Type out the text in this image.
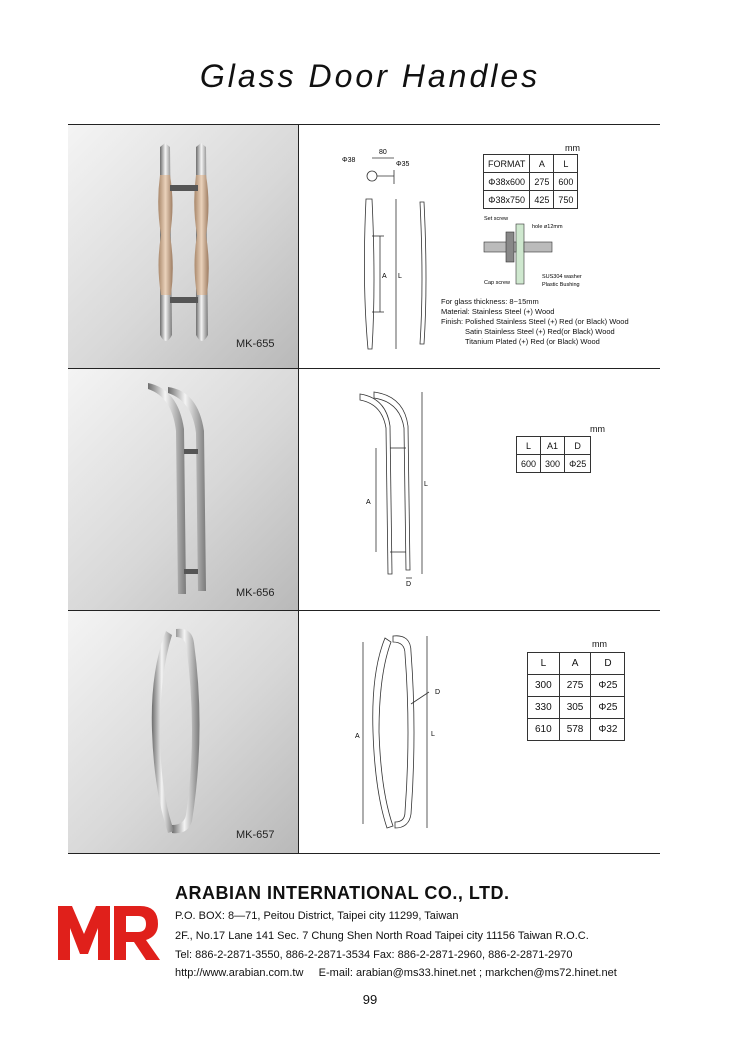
Glass Door Handles
MK-655
Φ38
80
Φ35
A L
mm
FORMAT	A	L
Φ38x600	275	600
Φ38x750	425	750
Set screw
hole ø12mm
Cap screw
SUS304 washer
Plastic Bushing
For glass thickness: 8~15mm
Material: Stainless Steel (+) Wood
Finish: Polished Stainless Steel (+) Red (or Black) Wood
Satin Stainless Steel (+) Red(or Black) Wood
Titanium Plated (+) Red (or Black) Wood
MK-656
A
L
D
mm
L	A1	D
600	300	Φ25
MK-657
A	L
D
mm
L	A	D
300	275	Φ25
330	305	Φ25
610	578	Φ32
MR
ARABIAN INTERNATIONAL CO., LTD.
P.O. BOX: 8—71, Peitou District, Taipei city 11299, Taiwan
2F., No.17 Lane 141 Sec. 7 Chung Shen North Road Taipei city 11156 Taiwan R.O.C.
Tel: 886-2-2871-3550, 886-2-2871-3534 Fax: 886-2-2871-2960, 886-2-2871-2970
http://www.arabian.com.tw     E-mail: arabian@ms33.hinet.net ; markchen@ms72.hinet.net
99
